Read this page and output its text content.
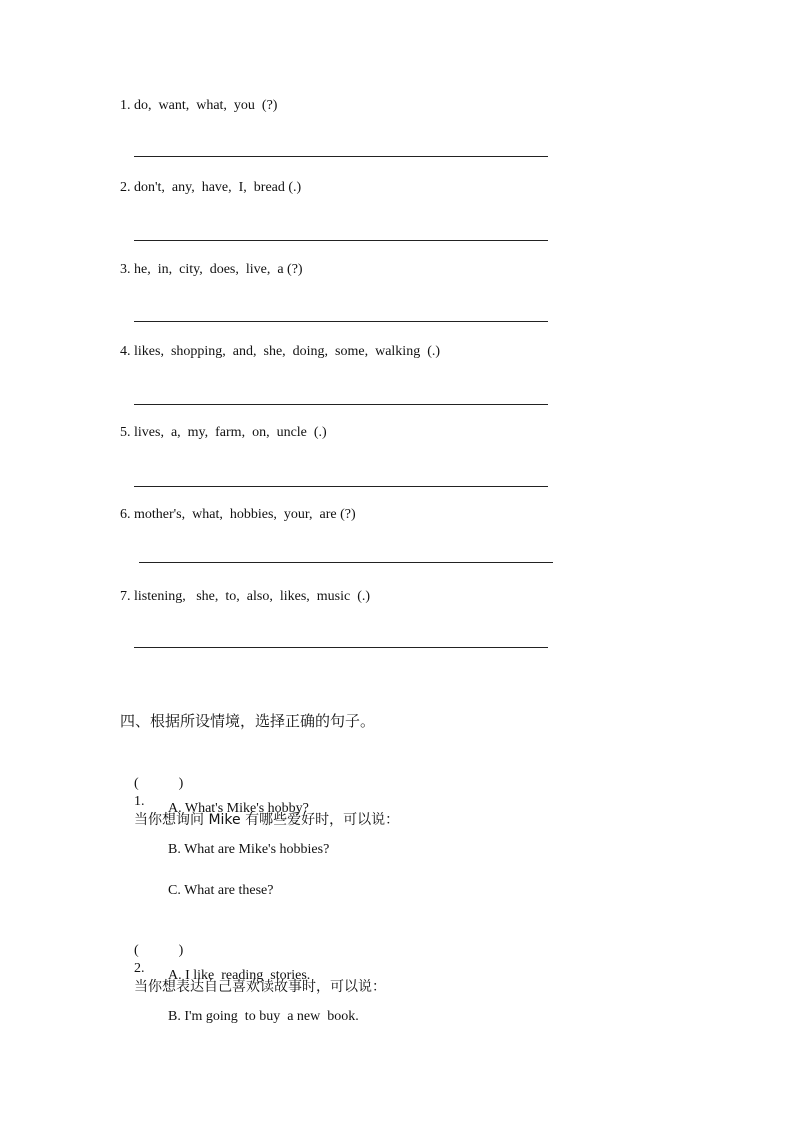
1. do,  want,  what,  you  (?)
2. don't,  any,  have,  I,  bread (.)
3. he,  in,  city,  does,  live,  a (?)
4. likes,  shopping,  and,  she,  doing,  some,  walking  (.)
5. lives,  a,  my,  farm,  on,  uncle  (.)
6. mother's,  what,  hobbies,  your,  are (?)
7. listening,   she,  to,  also,  likes,  music  (.)
四、根据所设情境，选择正确的句子。

(	)
1.
当你想询问 Mike 有哪些爱好时，可以说：

A. What's Mike's hobby?
B. What are Mike's hobbies?
C. What are these?

(	)
2.
当你想表达自己喜欢读故事时，可以说：

A. I like  reading  stories.
B. I'm going  to buy  a new  book.
